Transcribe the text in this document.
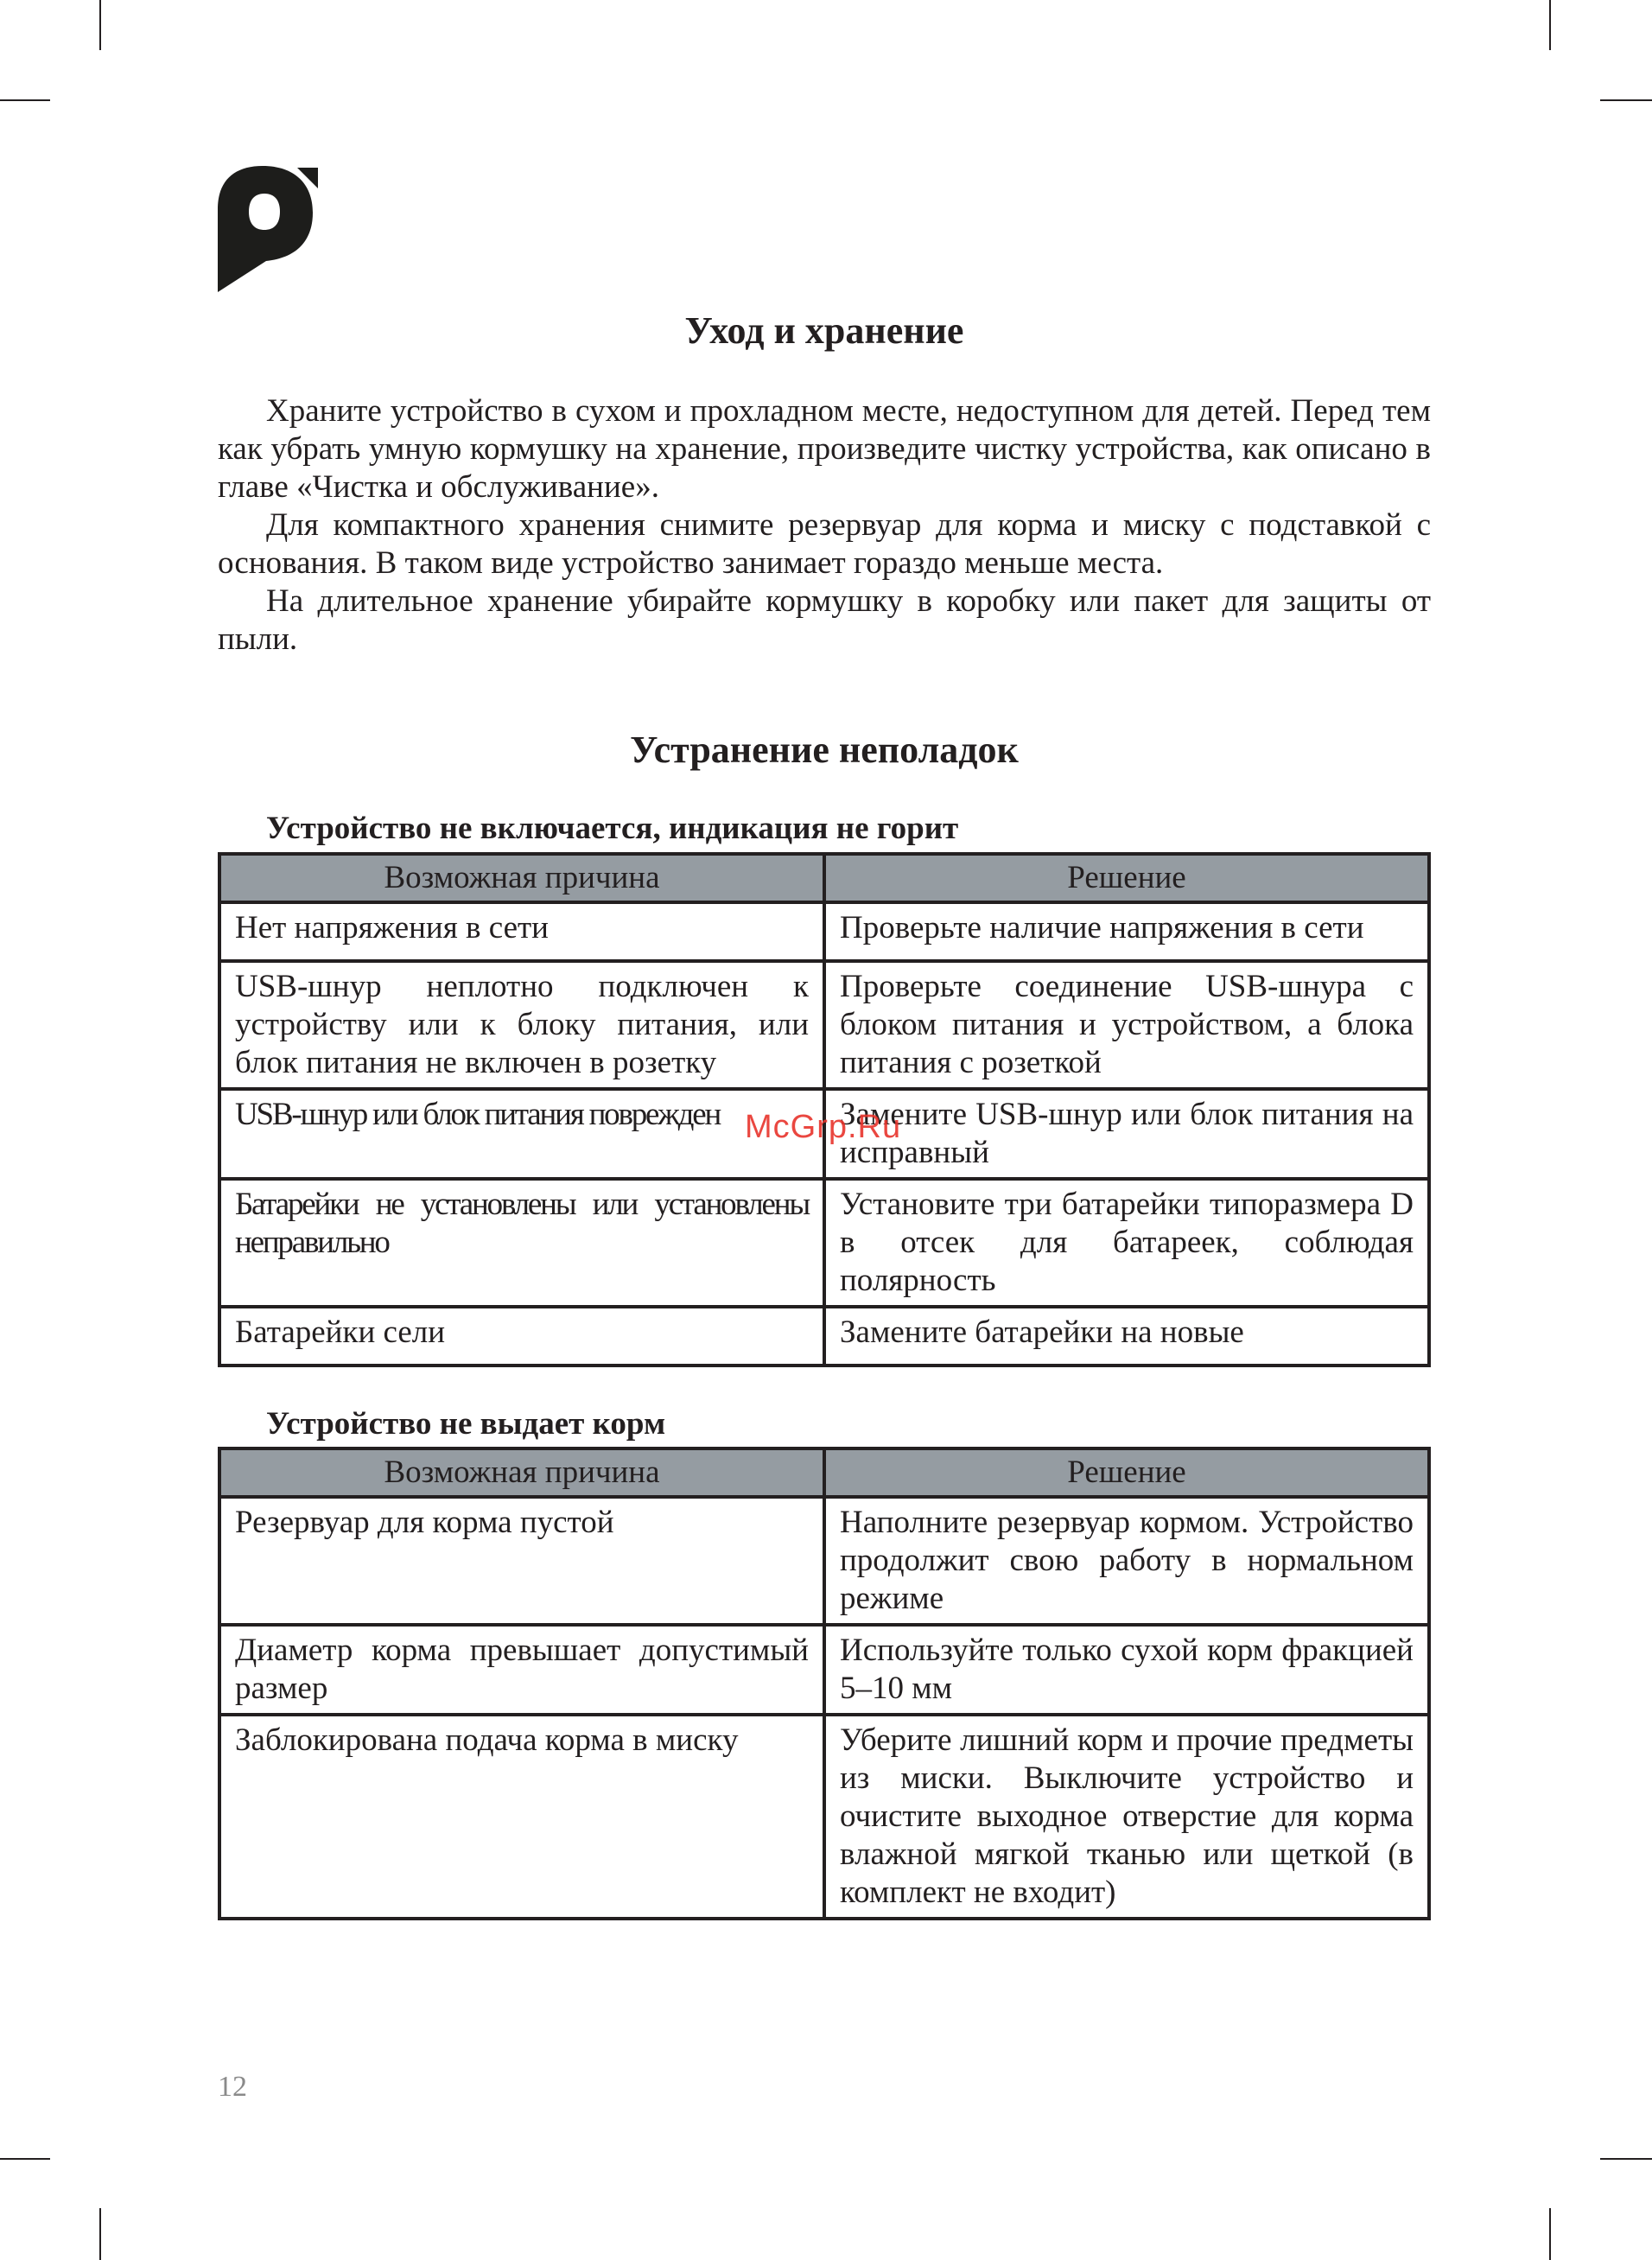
Уход и хранение

Храните устройство в сухом и прохладном месте, недоступном для детей. Перед тем как убрать умную кормушку на хранение, произведите чистку устройства, как описано в главе «Чистка и обслуживание».

Для компактного хранения снимите резервуар для корма и миску с подставкой с основания. В таком виде устройство занимает гораздо меньше места.

На длительное хранение убирайте кормушку в коробку или пакет для защиты от пыли.

Устранение неполадок
Устройство не включается, индикация не горит
Возможная причина	Решение
Нет напряжения в сети	Проверьте наличие напряжения в сети
USB-шнур неплотно подключен к устройству или к блоку питания, или блок питания не включен в розетку	Проверьте соединение USB-шнура с блоком питания и устройством, а блока питания с розеткой
USB-шнур или блок питания поврежден	Замените USB-шнур или блок питания на исправный
Батарейки не установлены или установлены неправильно	Установите три батарейки типоразмера D в отсек для батареек, соблюдая полярность
Батарейки сели	Замените батарейки на новые
Устройство не выдает корм
Возможная причина	Решение
Резервуар для корма пустой	Наполните резервуар кормом. Устройство продолжит свою работу в нормальном режиме
Диаметр корма превышает допустимый размер	Используйте только сухой корм фракцией 5–10 мм
Заблокирована подача корма в миску	Уберите лишний корм и прочие предметы из миски. Выключите устройство и очистите выходное отверстие для корма влажной мягкой тканью или щеткой (в комплект не входит)
McGrp.Ru
12
